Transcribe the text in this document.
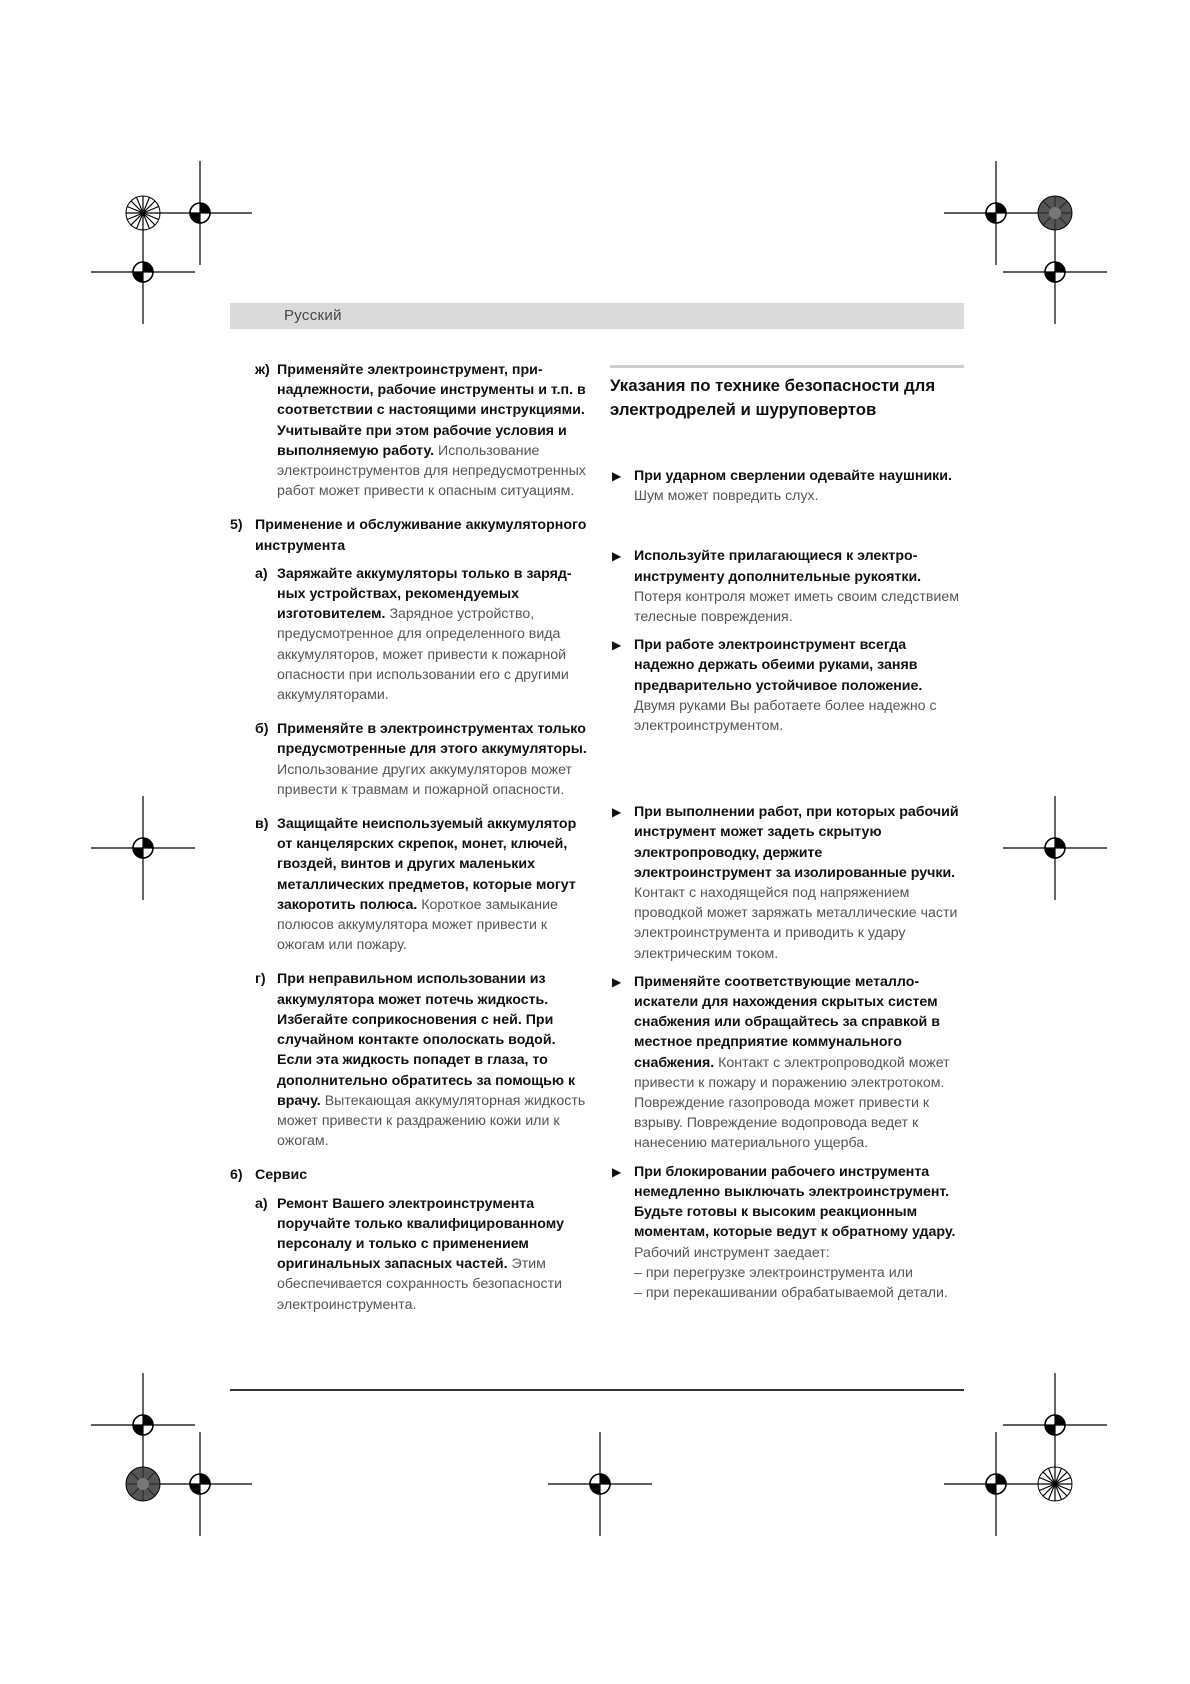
Русский
ж) Применяйте электроинструмент, принадлежности, рабочие инструменты и т.п. в соответствии с настоящими инструкциями. Учитывайте при этом рабочие условия и выполняемую работу. Использование электроинструментов для непредусмотренных работ может привести к опасным ситуациям.
5) Применение и обслуживание аккумуляторного инструмента
а) Заряжайте аккумуляторы только в зарядных устройствах, рекомендуемых изготовителем. Зарядное устройство, предусмотренное для определенного вида аккумуляторов, может привести к пожарной опасности при использовании его с другими аккумуляторами.
б) Применяйте в электроинструментах только предусмотренные для этого аккумуляторы. Использование других аккумуляторов может привести к травмам и пожарной опасности.
в) Защищайте неиспользуемый аккумулятор от канцелярских скрепок, монет, ключей, гвоздей, винтов и других маленьких металлических предметов, которые могут закоротить полюса. Короткое замыкание полюсов аккумулятора может привести к ожогам или пожару.
г) При неправильном использовании из аккумулятора может потечь жидкость. Избегайте соприкосновения с ней. При случайном контакте ополоскать водой. Если эта жидкость попадет в глаза, то дополнительно обратитесь за помощью к врачу. Вытекающая аккумуляторная жидкость может привести к раздражению кожи или к ожогам.
6) Сервис
а) Ремонт Вашего электроинструмента поручайте только квалифицированному персоналу и только с применением оригинальных запасных частей. Этим обеспечивается сохранность безопасности электроинструмента.
Указания по технике безопасности для электродрелей и шуруповертов
▶ При ударном сверлении одевайте наушники. Шум может повредить слух.
▶ Используйте прилагающиеся к электроинструменту дополнительные рукоятки. Потеря контроля может иметь своим следствием телесные повреждения.
▶ При работе электроинструмент всегда надежно держать обеими руками, заняв предварительно устойчивое положение. Двумя руками Вы работаете более надежно с электроинструментом.
▶ При выполнении работ, при которых рабочий инструмент может задеть скрытую электропроводку, держите электроинструмент за изолированные ручки. Контакт с находящейся под напряжением проводкой может заряжать металлические части электроинструмента и приводить к удару электрическим током.
▶ Применяйте соответствующие металлоискатели для нахождения скрытых систем снабжения или обращайтесь за справкой в местное предприятие коммунального снабжения. Контакт с электропроводкой может привести к пожару и поражению электротоком. Повреждение газопровода может привести к взрыву. Повреждение водопровода ведет к нанесению материального ущерба.
▶ При блокировании рабочего инструмента немедленно выключать электроинструмент. Будьте готовы к высоким реакционным моментам, которые ведут к обратному удару. Рабочий инструмент заедает:
– при перегрузке электроинструмента или
– при перекашивании обрабатываемой детали.
